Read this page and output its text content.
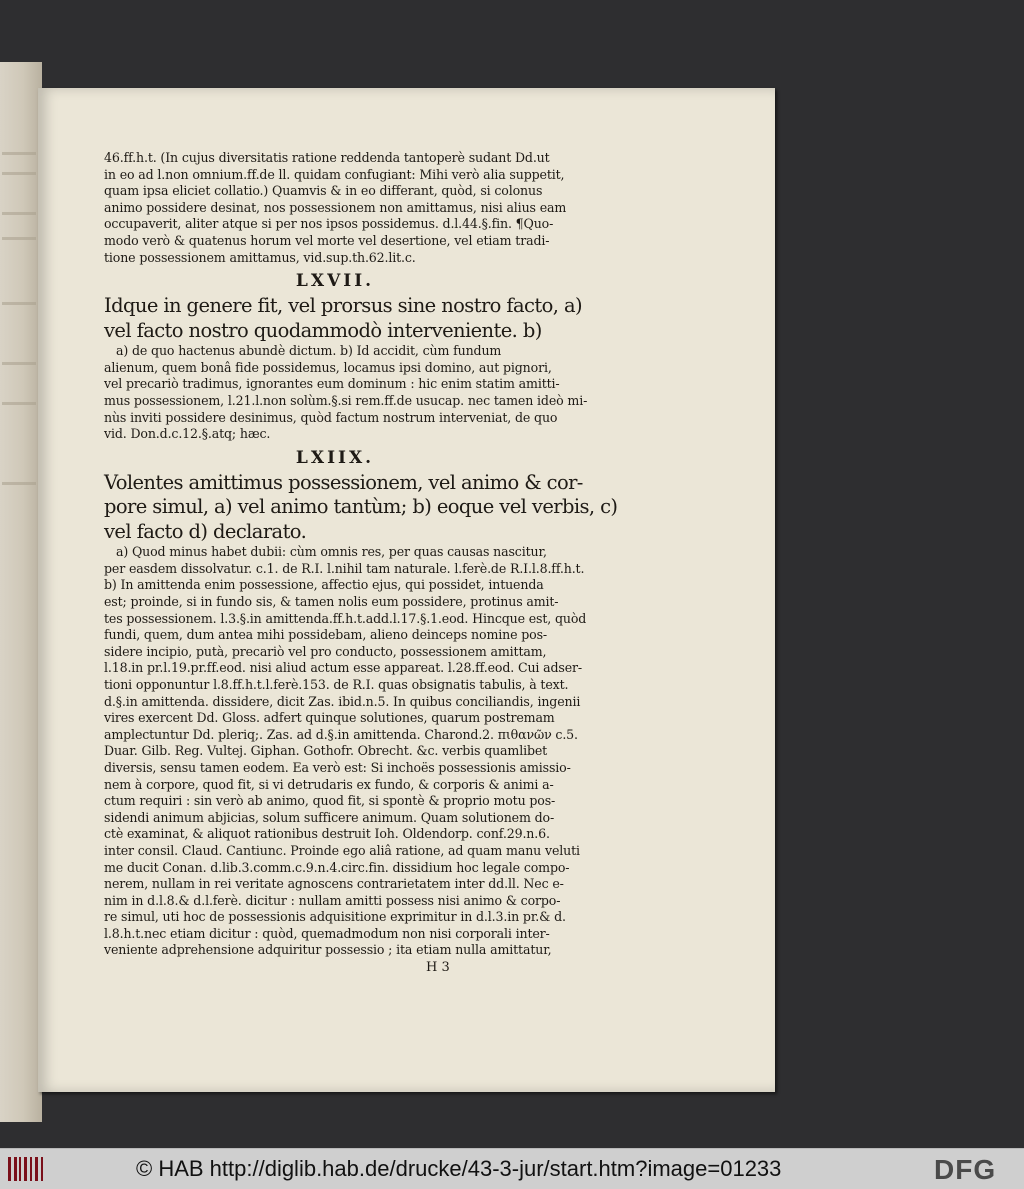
46.ff.h.t. (In cujus diversitatis ratione reddenda tantoperè sudant Dd.ut
in eo ad l.non omnium.ff.de ll. quidam confugiant: Mihi verò alia suppetit,
quam ipsa eliciet collatio.) Quamvis & in eo differant, quòd, si colonus
animo possidere desinat, nos possessionem non amittamus, nisi alius eam
occupaverit, aliter atque si per nos ipsos possidemus. d.l.44.§.fin. ¶Quo-
modo verò & quatenus horum vel morte vel desertione, vel etiam tradi-
tione possessionem amittamus, vid.sup.th.62.lit.c.
LXVII.
Idque in genere fit, vel prorsus sine nostro facto, a)
vel facto nostro quodammodò interveniente. b)
a) de quo hactenus abundè dictum. b) Id accidit, cùm fundum
alienum, quem bonâ fide possidemus, locamus ipsi domino, aut pignori,
vel precariò tradimus, ignorantes eum dominum : hic enim statim amitti-
mus possessionem, l.21.l.non solùm.§.si rem.ff.de usucap. nec tamen ideò mi-
nùs inviti possidere desinimus, quòd factum nostrum interveniat, de quo
vid. Don.d.c.12.§.atq; hæc.
LXIIX.
Volentes amittimus possessionem, vel animo & cor-
pore simul, a) vel animo tantùm; b) eoque vel verbis, c)
vel facto d) declarato.
a) Quod minus habet dubii: cùm omnis res, per quas causas nascitur,
per easdem dissolvatur. c.1. de R.I. l.nihil tam naturale. l.ferè.de R.I.l.8.ff.h.t.
b) In amittenda enim possessione, affectio ejus, qui possidet, intuenda
est; proinde, si in fundo sis, & tamen nolis eum possidere, protinus amit-
tes possessionem. l.3.§.in amittenda.ff.h.t.add.l.17.§.1.eod. Hincque est, quòd
fundi, quem, dum antea mihi possidebam, alieno deinceps nomine pos-
sidere incipio, putà, precariò vel pro conducto, possessionem amittam,
l.18.in pr.l.19.pr.ff.eod. nisi aliud actum esse appareat. l.28.ff.eod. Cui adser-
tioni opponuntur l.8.ff.h.t.l.ferè.153. de R.I. quas obsignatis tabulis, à text.
d.§.in amittenda. dissidere, dicit Zas. ibid.n.5. In quibus conciliandis, ingenii
vires exercent Dd. Gloss. adfert quinque solutiones, quarum postremam
amplectuntur Dd. pleriq;. Zas. ad d.§.in amittenda. Charond.2. πιθανῶν c.5.
Duar. Gilb. Reg. Vultej. Giphan. Gothofr. Obrecht. &c. verbis quamlibet
diversis, sensu tamen eodem. Ea verò est: Si inchoës possessionis amissio-
nem à corpore, quod fit, si vi detrudaris ex fundo, & corporis & animi a-
ctum requiri : sin verò ab animo, quod fit, si spontè & proprio motu pos-
sidendi animum abjicias, solum sufficere animum. Quam solutionem do-
ctè examinat, & aliquot rationibus destruit Ioh. Oldendorp. conf.29.n.6.
inter consil. Claud. Cantiunc. Proinde ego aliâ ratione, ad quam manu veluti
me ducit Conan. d.lib.3.comm.c.9.n.4.circ.fin. dissidium hoc legale compo-
nerem, nullam in rei veritate agnoscens contrarietatem inter dd.ll. Nec e-
nim in d.l.8.& d.l.ferè. dicitur : nullam amitti possess nisi animo & corpo-
re simul, uti hoc de possessionis adquisitione exprimitur in d.l.3.in pr.& d.
l.8.h.t.nec etiam dicitur : quòd, quemadmodum non nisi corporali inter-
veniente adprehensione adquiritur possessio ; ita etiam nulla amittatur,
H 3
© HAB http://diglib.hab.de/drucke/43-3-jur/start.htm?image=01233	DFG
